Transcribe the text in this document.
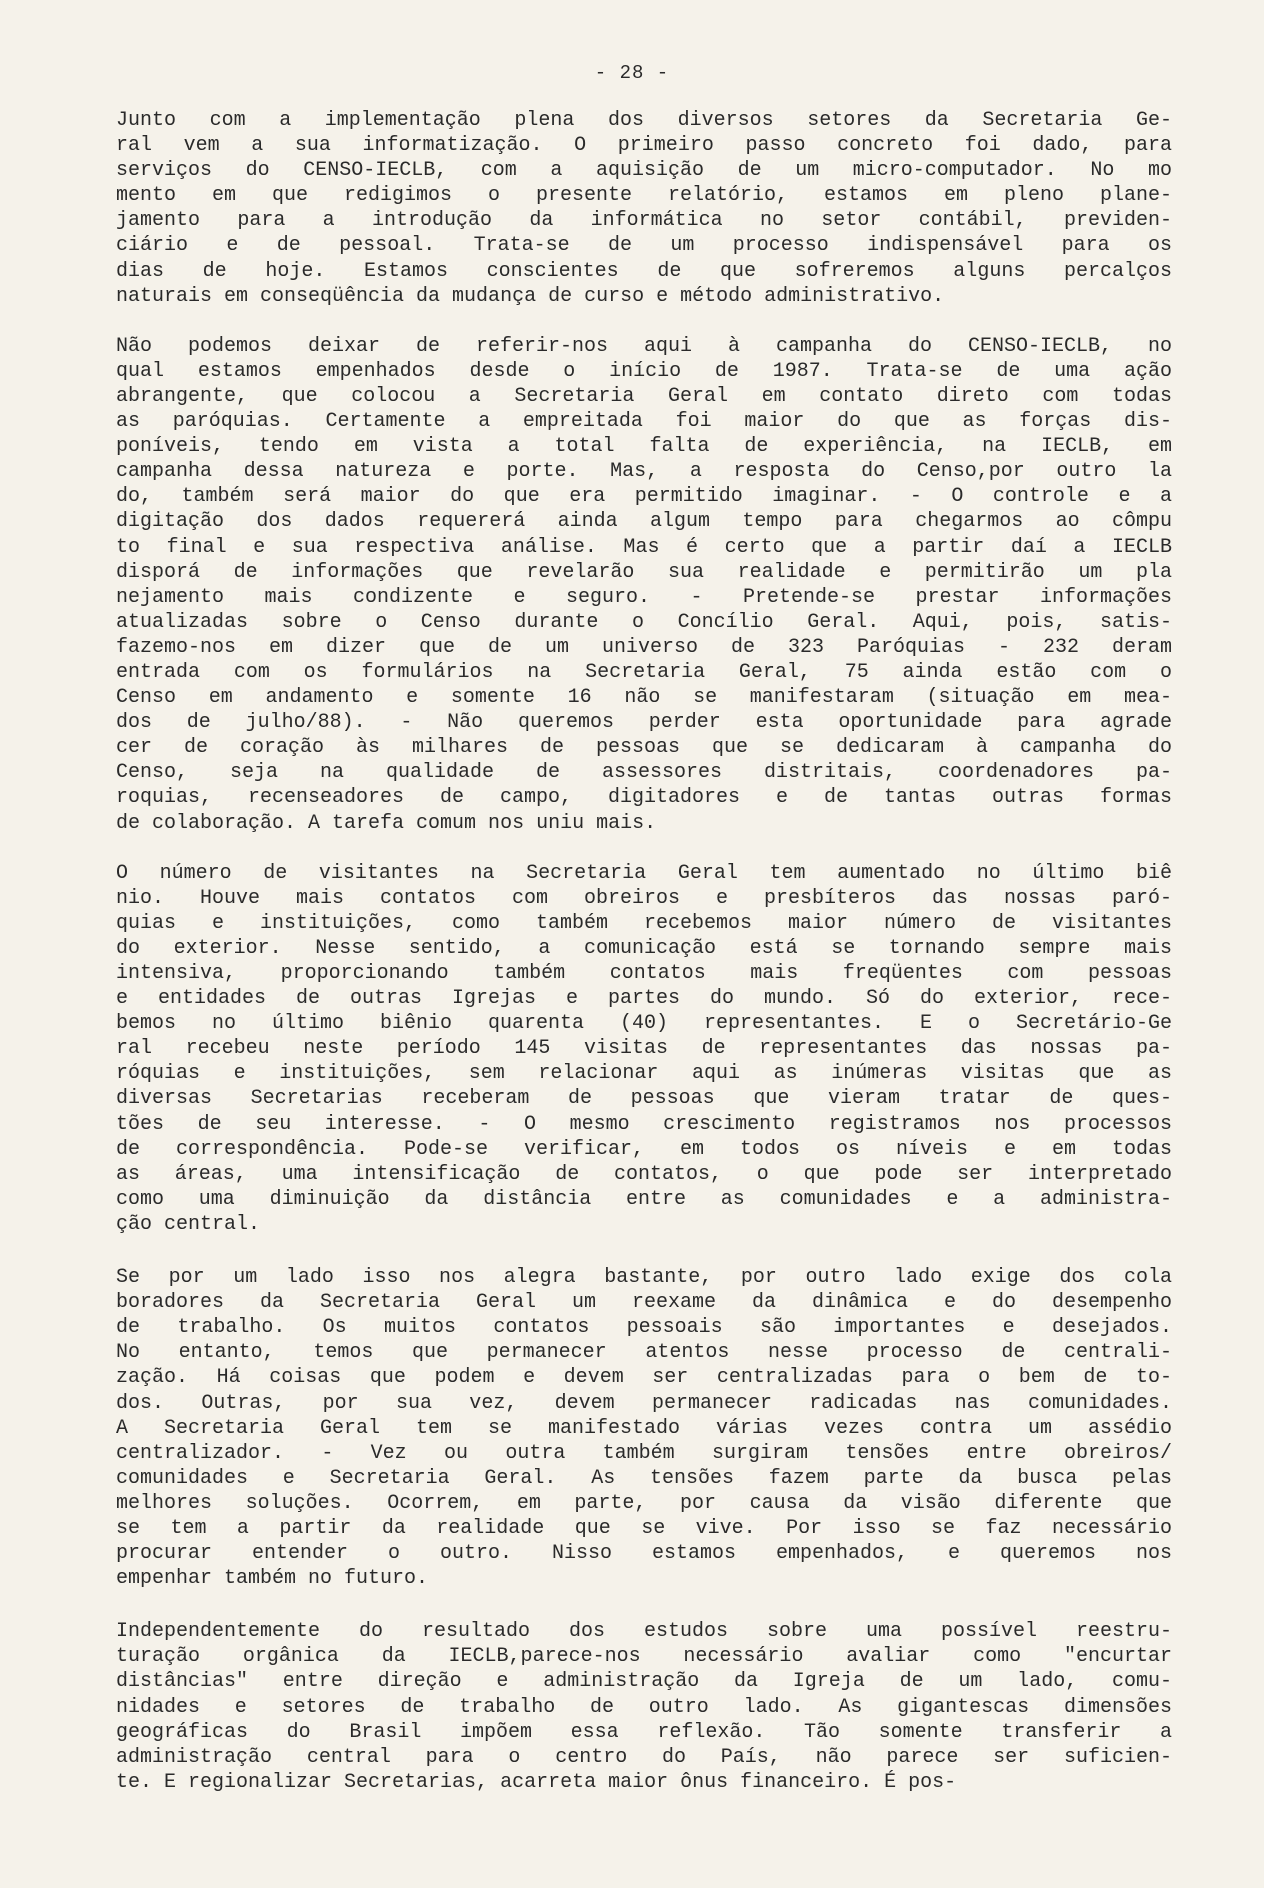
- 28 -
Junto com a implementação plena dos diversos setores da Secretaria Ge-
ral vem a sua informatização. O primeiro passo concreto foi dado, para
serviços do CENSO-IECLB, com a aquisição de um micro-computador. No mo
mento em que redigimos o presente relatório, estamos em pleno plane-
jamento para a introdução da informática no setor contábil, previden-
ciário e de pessoal. Trata-se de um processo indispensável para os
dias de hoje. Estamos conscientes de que sofreremos alguns percalços
naturais em conseqüência da mudança de curso e método administrativo.
Não podemos deixar de referir-nos aqui à campanha do CENSO-IECLB, no
qual estamos empenhados desde o início de 1987. Trata-se de uma ação
abrangente, que colocou a Secretaria Geral em contato direto com todas
as paróquias. Certamente a empreitada foi maior do que as forças dis-
poníveis, tendo em vista a total falta de experiência, na IECLB, em
campanha dessa natureza e porte. Mas, a resposta do Censo,por outro la
do, também será maior do que era permitido imaginar. - O controle e a
digitação dos dados requererá ainda algum tempo para chegarmos ao cômpu
to final e sua respectiva análise. Mas é certo que a partir daí a IECLB
disporá de informações que revelarão sua realidade e permitirão um pla
nejamento mais condizente e seguro. - Pretende-se prestar informações
atualizadas sobre o Censo durante o Concílio Geral. Aqui, pois, satis-
fazemo-nos em dizer que de um universo de 323 Paróquias - 232 deram
entrada com os formulários na Secretaria Geral, 75 ainda estão com o
Censo em andamento e somente 16 não se manifestaram (situação em mea-
dos de julho/88). - Não queremos perder esta oportunidade para agrade
cer de coração às milhares de pessoas que se dedicaram à campanha do
Censo, seja na qualidade de assessores distritais, coordenadores pa-
roquias, recenseadores de campo, digitadores e de tantas outras formas
de colaboração. A tarefa comum nos uniu mais.
O número de visitantes na Secretaria Geral tem aumentado no último biê
nio. Houve mais contatos com obreiros e presbíteros das nossas paró-
quias e instituições, como também recebemos maior número de visitantes
do exterior. Nesse sentido, a comunicação está se tornando sempre mais
intensiva, proporcionando também contatos mais freqüentes com pessoas
e entidades de outras Igrejas e partes do mundo. Só do exterior, rece-
bemos no último biênio quarenta (40) representantes. E o Secretário-Ge
ral recebeu neste período 145 visitas de representantes das nossas pa-
róquias e instituições, sem relacionar aqui as inúmeras visitas que as
diversas Secretarias receberam de pessoas que vieram tratar de ques-
tões de seu interesse. - O mesmo crescimento registramos nos processos
de correspondência. Pode-se verificar, em todos os níveis e em todas
as áreas, uma intensificação de contatos, o que pode ser interpretado
como uma diminuição da distância entre as comunidades e a administra-
ção central.
Se por um lado isso nos alegra bastante, por outro lado exige dos cola
boradores da Secretaria Geral um reexame da dinâmica e do desempenho
de trabalho. Os muitos contatos pessoais são importantes e desejados.
No entanto, temos que permanecer atentos nesse processo de centrali-
zação. Há coisas que podem e devem ser centralizadas para o bem de to-
dos. Outras, por sua vez, devem permanecer radicadas nas comunidades.
A Secretaria Geral tem se manifestado várias vezes contra um assédio
centralizador. - Vez ou outra também surgiram tensões entre obreiros/
comunidades e Secretaria Geral. As tensões fazem parte da busca pelas
melhores soluções. Ocorrem, em parte, por causa da visão diferente que
se tem a partir da realidade que se vive. Por isso se faz necessário
procurar entender o outro. Nisso estamos empenhados, e queremos nos
empenhar também no futuro.
Independentemente do resultado dos estudos sobre uma possível reestru-
turação orgânica da IECLB,parece-nos necessário avaliar como "encurtar
distâncias" entre direção e administração da Igreja de um lado, comu-
nidades e setores de trabalho de outro lado. As gigantescas dimensões
geográficas do Brasil impõem essa reflexão. Tão somente transferir a
administração central para o centro do País, não parece ser suficien-
te. E regionalizar Secretarias, acarreta maior ônus financeiro. É pos-
